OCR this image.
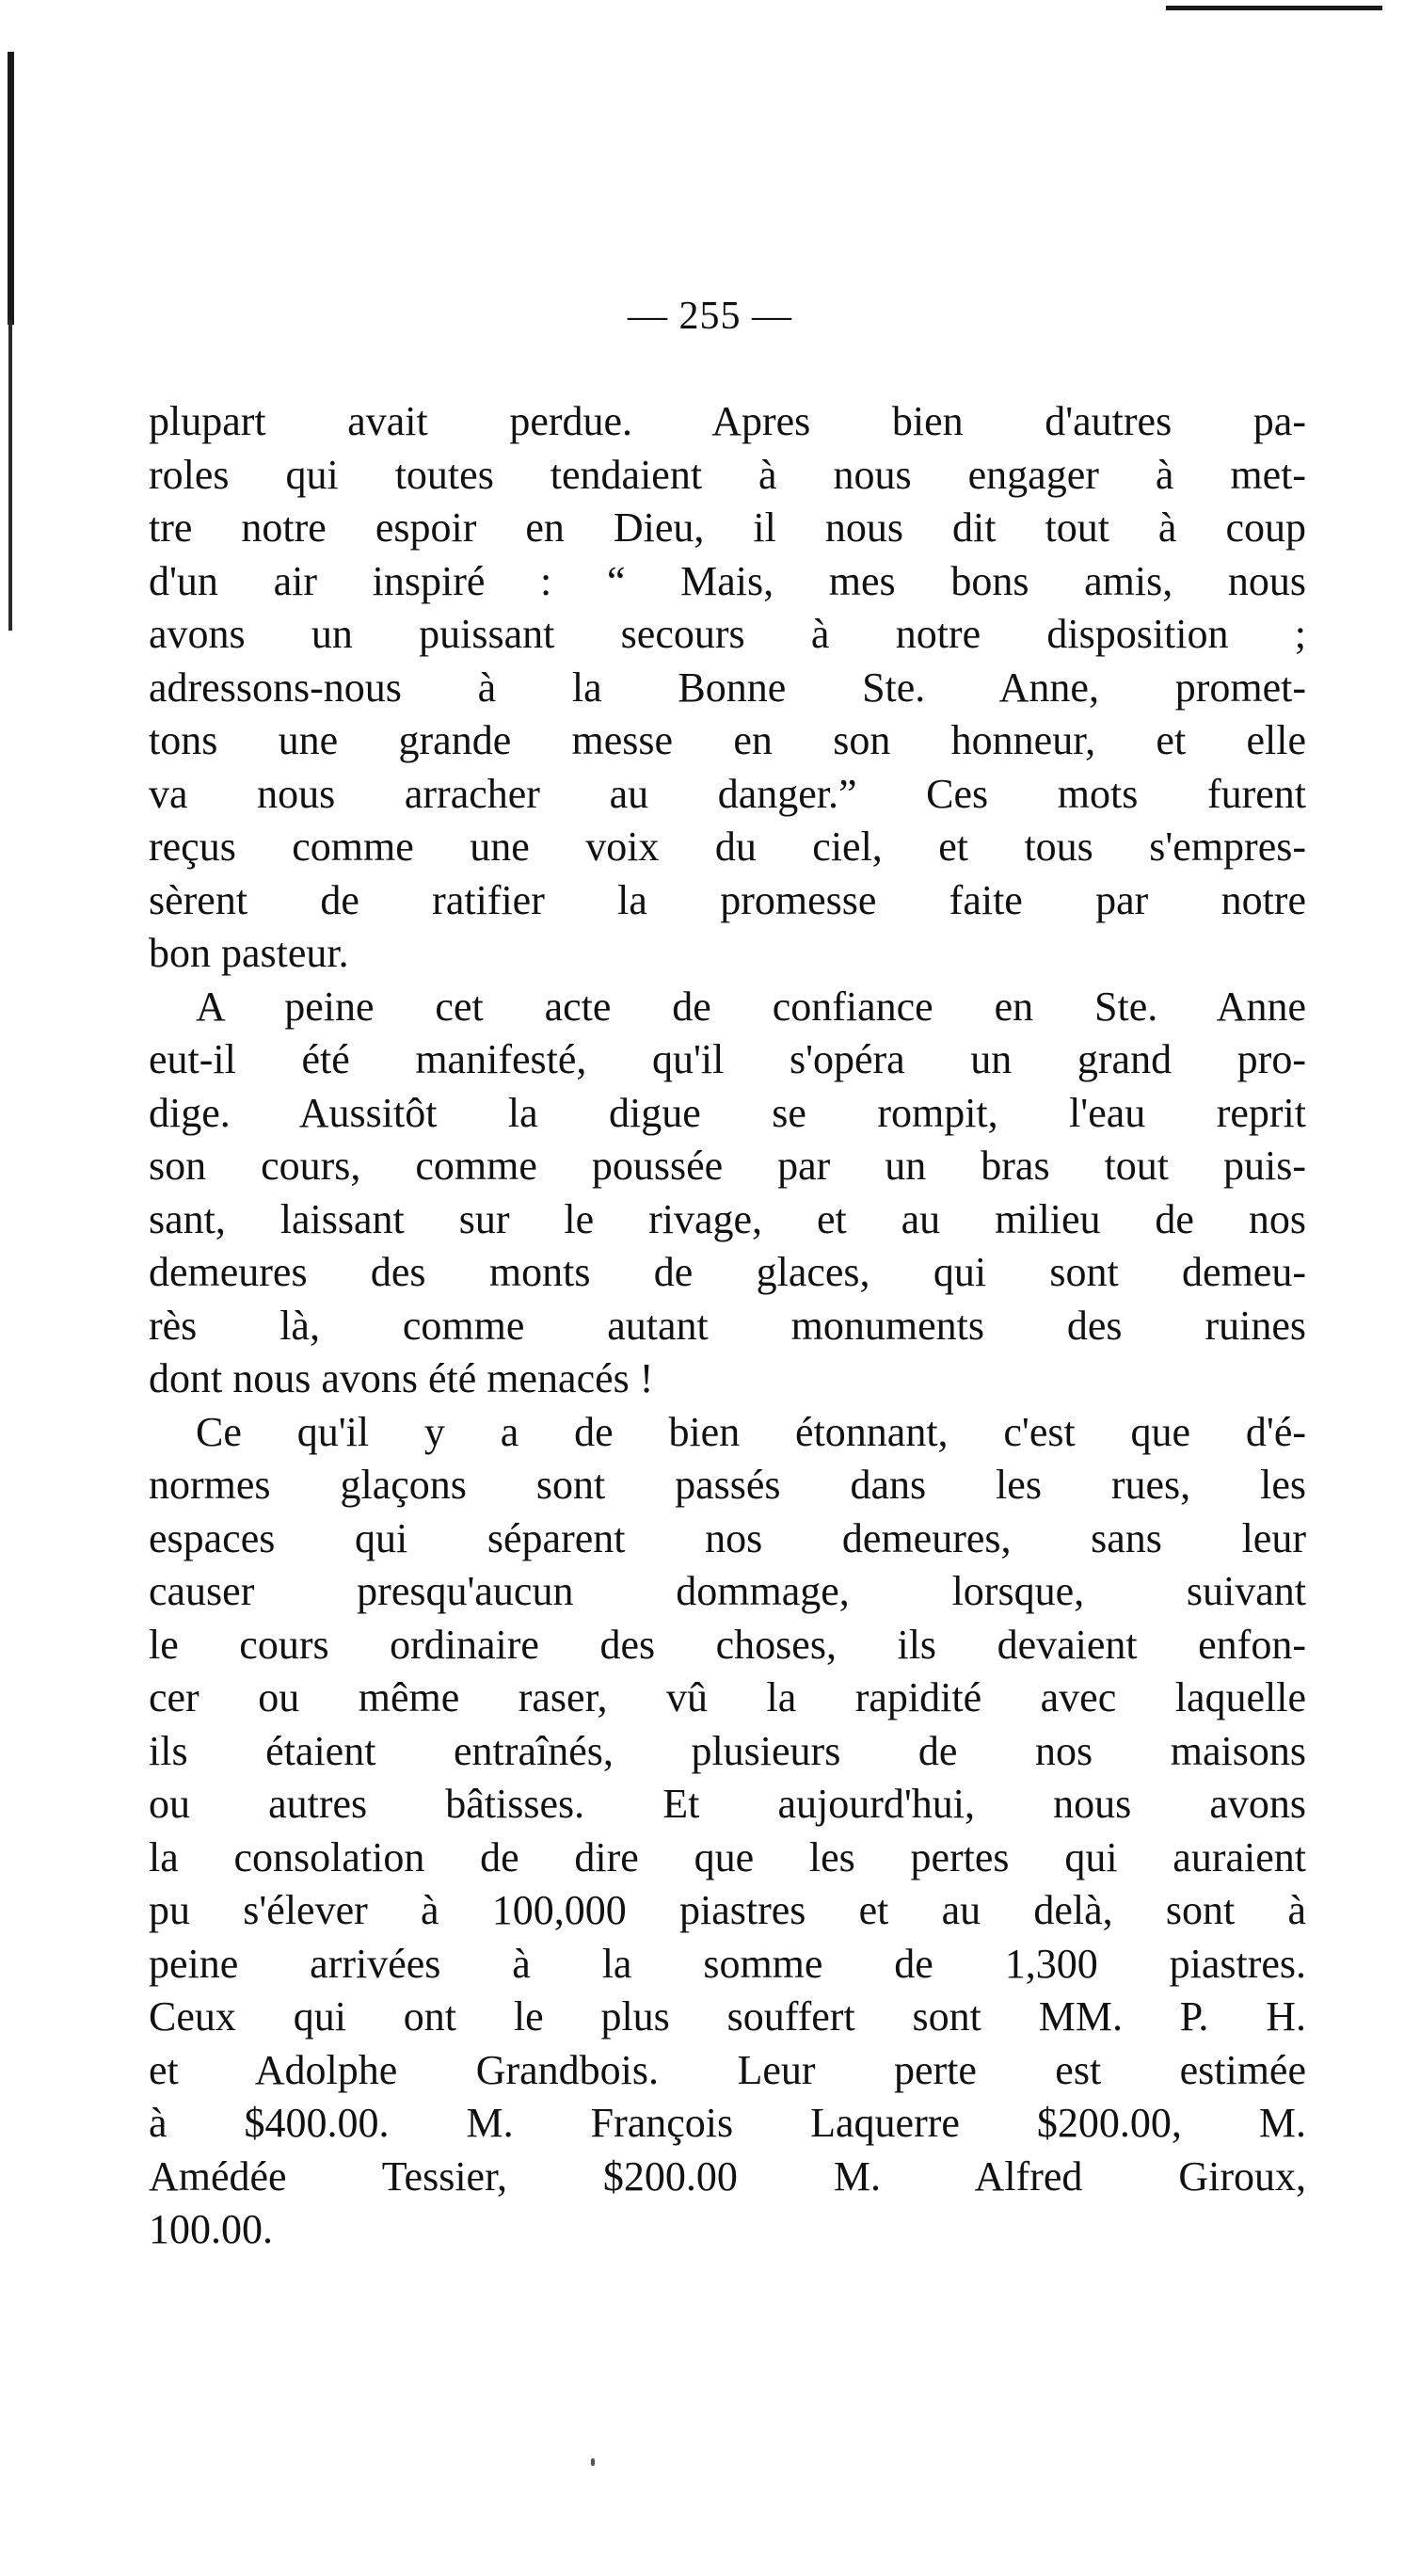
— 255 —
plupart avait perdue. Apres bien d'autres pa-
roles qui toutes tendaient à nous engager à met-
tre notre espoir en Dieu, il nous dit tout à coup
d'un air inspiré : “ Mais, mes bons amis, nous
avons un puissant secours à notre disposition ;
adressons-nous à la Bonne Ste. Anne, promet-
tons une grande messe en son honneur, et elle
va nous arracher au danger.” Ces mots furent
reçus comme une voix du ciel, et tous s'empres-
sèrent de ratifier la promesse faite par notre
bon pasteur.
A peine cet acte de confiance en Ste. Anne
eut-il été manifesté, qu'il s'opéra un grand pro-
dige. Aussitôt la digue se rompit, l'eau reprit
son cours, comme poussée par un bras tout puis-
sant, laissant sur le rivage, et au milieu de nos
demeures des monts de glaces, qui sont demeu-
rès là, comme autant monuments des ruines
dont nous avons été menacés !
Ce qu'il y a de bien étonnant, c'est que d'é-
normes glaçons sont passés dans les rues, les
espaces qui séparent nos demeures, sans leur
causer presqu'aucun dommage, lorsque, suivant
le cours ordinaire des choses, ils devaient enfon-
cer ou même raser, vû la rapidité avec laquelle
ils étaient entraînés, plusieurs de nos maisons
ou autres bâtisses. Et aujourd'hui, nous avons
la consolation de dire que les pertes qui auraient
pu s'élever à 100,000 piastres et au delà, sont à
peine arrivées à la somme de 1,300 piastres.
Ceux qui ont le plus souffert sont MM. P. H.
et Adolphe Grandbois. Leur perte est estimée
à $400.00. M. François Laquerre $200.00, M.
Amédée Tessier, $200.00 M. Alfred Giroux,
100.00.
